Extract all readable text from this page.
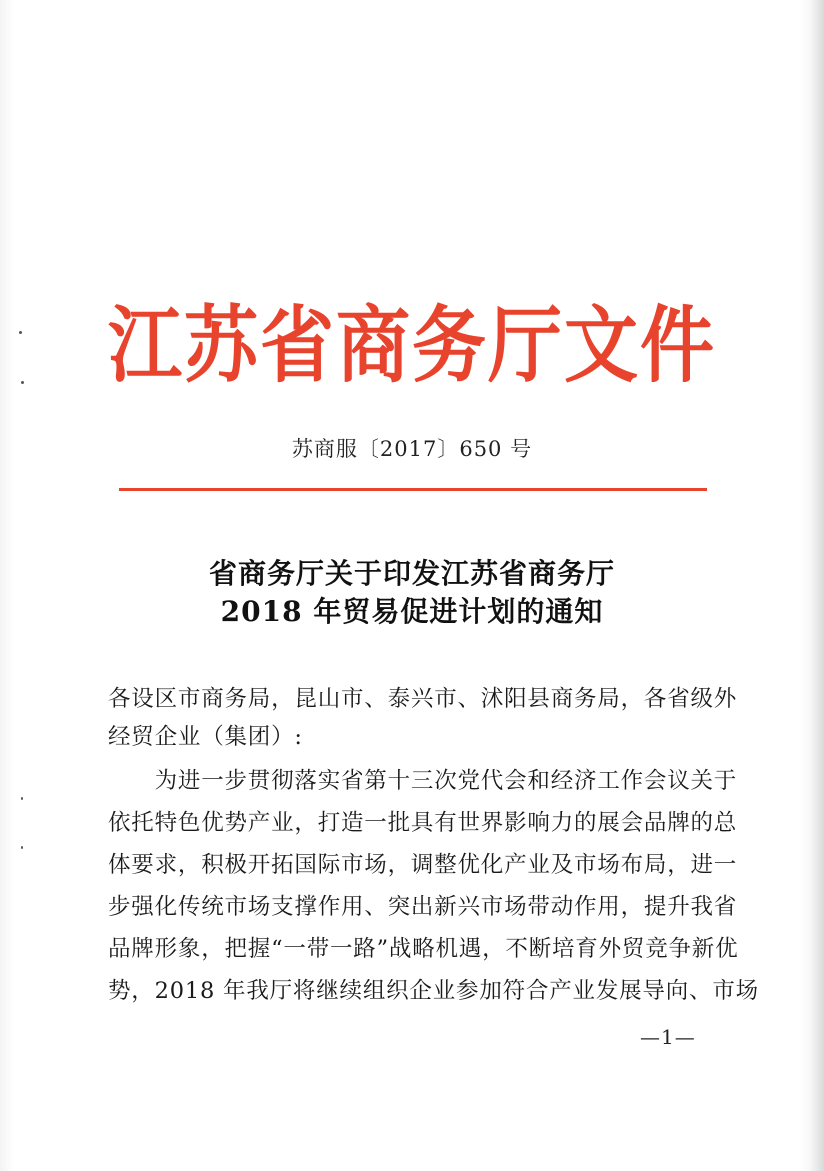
江苏省商务厅文件
苏商服〔2017〕650 号
省商务厅关于印发江苏省商务厅
2018 年贸易促进计划的通知
各设区市商务局，昆山市、泰兴市、沭阳县商务局，各省级外
经贸企业（集团）:
　　为进一步贯彻落实省第十三次党代会和经济工作会议关于
依托特色优势产业，打造一批具有世界影响力的展会品牌的总
体要求，积极开拓国际市场，调整优化产业及市场布局，进一
步强化传统市场支撑作用、突出新兴市场带动作用，提升我省
品牌形象，把握“一带一路”战略机遇，不断培育外贸竞争新优
势，2018 年我厅将继续组织企业参加符合产业发展导向、市场
—1—
